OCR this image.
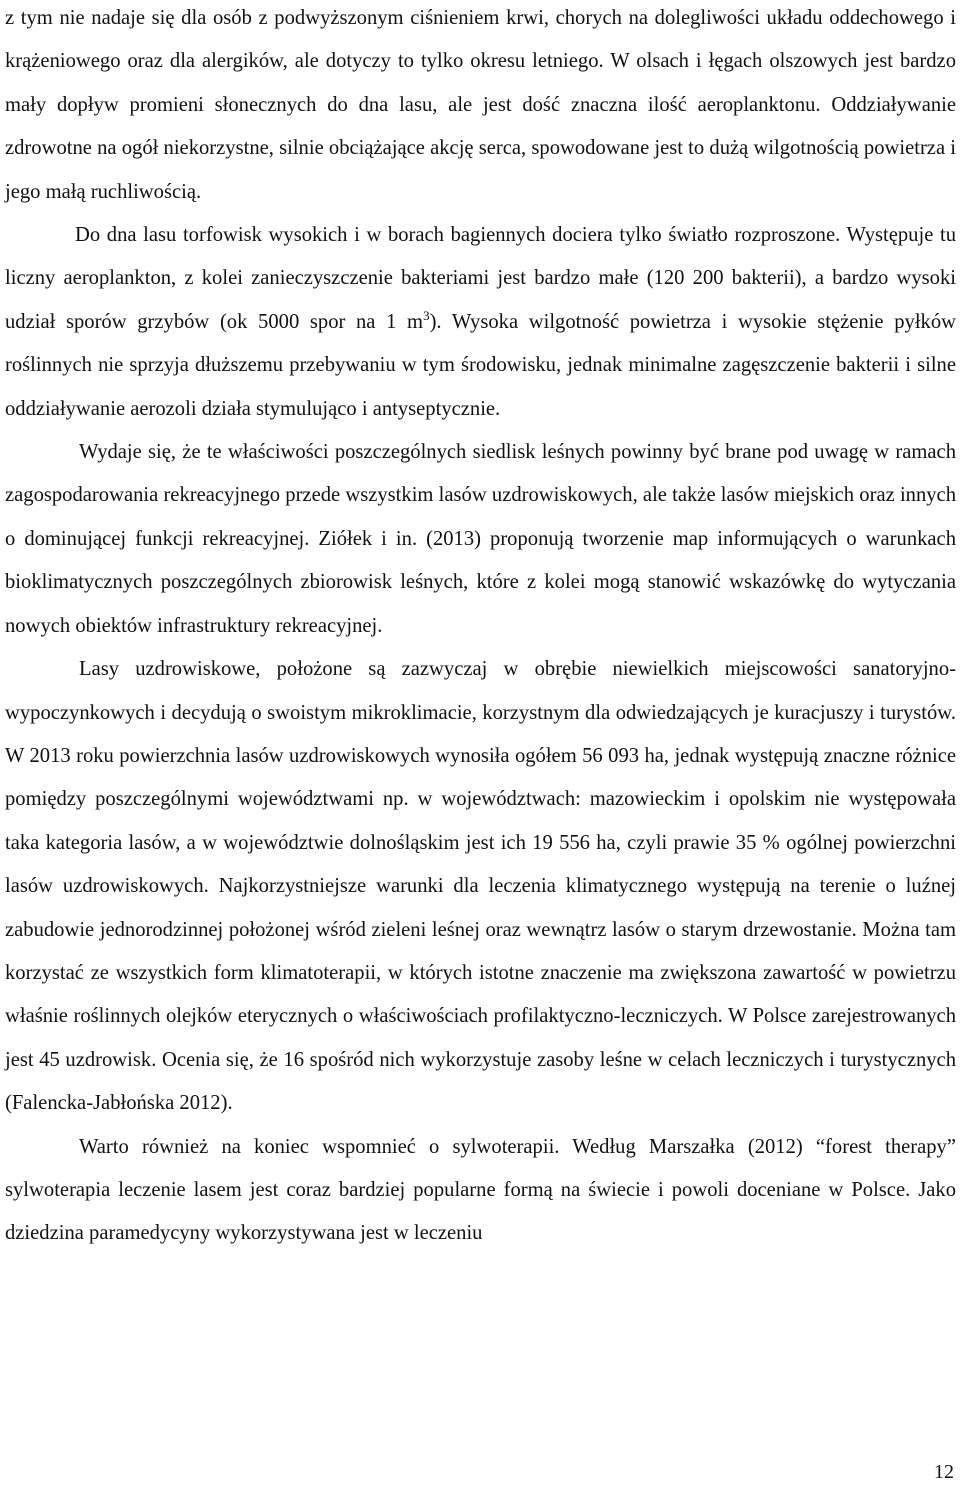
z tym nie nadaje się dla osób z podwyższonym ciśnieniem krwi, chorych na dolegliwości układu oddechowego i krążeniowego oraz dla alergików, ale dotyczy to tylko okresu letniego. W olsach i łęgach olszowych jest bardzo mały dopływ promieni słonecznych do dna lasu, ale jest dość znaczna ilość aeroplanktonu. Oddziaływanie zdrowotne na ogół niekorzystne, silnie obciążające akcję serca, spowodowane jest to dużą wilgotnością powietrza i jego małą ruchliwością.

Do dna lasu torfowisk wysokich i w borach bagiennych dociera tylko światło rozproszone. Występuje tu liczny aeroplankton, z kolei zanieczyszczenie bakteriami jest bardzo małe (120 200 bakterii), a bardzo wysoki udział sporów grzybów (ok 5000 spor na 1 $m^3$). Wysoka wilgotność powietrza i wysokie stężenie pyłków roślinnych nie sprzyja dłuższemu przebywaniu w tym środowisku, jednak minimalne zagęszczenie bakterii i silne oddziaływanie aerozoli działa stymulująco i antyseptycznie.

Wydaje się, że te właściwości poszczególnych siedlisk leśnych powinny być brane pod uwagę w ramach zagospodarowania rekreacyjnego przede wszystkim lasów uzdrowiskowych, ale także lasów miejskich oraz innych o dominującej funkcji rekreacyjnej. Ziółek i in. (2013) proponują tworzenie map informujących o warunkach bioklimatycznych poszczególnych zbiorowisk leśnych, które z kolei mogą stanowić wskazówkę do wytyczania nowych obiektów infrastruktury rekreacyjnej.

Lasy uzdrowiskowe, położone są zazwyczaj w obrębie niewielkich miejscowości sanatoryjno-wypoczynkowych i decydują o swoistym mikroklimacie, korzystnym dla odwiedzających je kuracjuszy i turystów. W 2013 roku powierzchnia lasów uzdrowiskowych wynosiła ogółem 56 093 ha, jednak występują znaczne różnice pomiędzy poszczególnymi województwami np. w województwach: mazowieckim i opolskim nie występowała taka kategoria lasów, a w województwie dolnośląskim jest ich 19 556 ha, czyli prawie 35 % ogólnej powierzchni lasów uzdrowiskowych. Najkorzystniejsze warunki dla leczenia klimatycznego występują na terenie o luźnej zabudowie jednorodzinnej położonej wśród zieleni leśnej oraz wewnątrz lasów o starym drzewostanie. Można tam korzystać ze wszystkich form klimatoterapii, w których istotne znaczenie ma zwiększona zawartość w powietrzu właśnie roślinnych olejków eterycznych o właściwościach profilaktyczno-leczniczych. W Polsce zarejestrowanych jest 45 uzdrowisk. Ocenia się, że 16 spośród nich wykorzystuje zasoby leśne w celach leczniczych i turystycznych (Falencka-Jabłońska 2012).

Warto również na koniec wspomnieć o sylwoterapii. Według Marszałka (2012) “forest therapy” sylwoterapia leczenie lasem jest coraz bardziej popularne formą na świecie i powoli doceniane w Polsce. Jako dziedzina paramedycyny wykorzystywana jest w leczeniu

12
